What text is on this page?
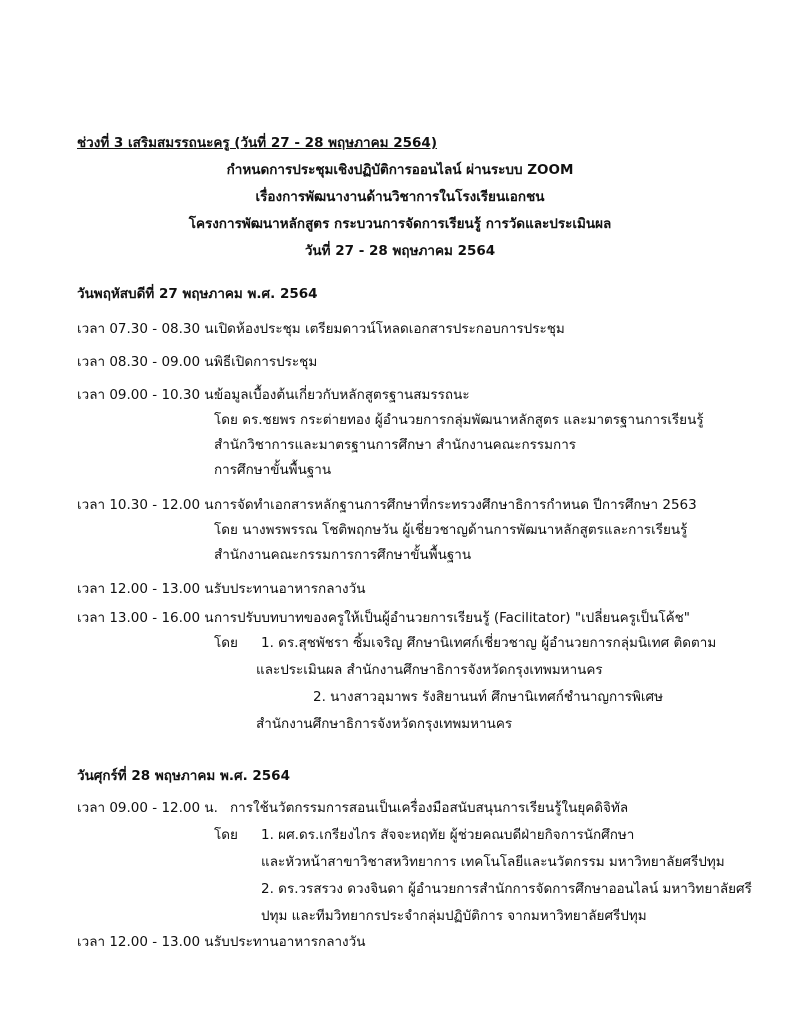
ช่วงที่ 3 เสริมสมรรถนะครู (วันที่ 27 - 28 พฤษภาคม 2564)
กำหนดการประชุมเชิงปฏิบัติการออนไลน์ ผ่านระบบ ZOOM
เรื่องการพัฒนางานด้านวิชาการในโรงเรียนเอกชน
โครงการพัฒนาหลักสูตร กระบวนการจัดการเรียนรู้ การวัดและประเมินผล
วันที่ 27 - 28 พฤษภาคม 2564
วันพฤหัสบดีที่ 27 พฤษภาคม พ.ศ. 2564
เวลา 07.30 - 08.30 น.
เปิดห้องประชุม เตรียมดาวน์โหลดเอกสารประกอบการประชุม
เวลา 08.30 - 09.00 น.
พิธีเปิดการประชุม
เวลา 09.00 - 10.30 น.
ข้อมูลเบื้องต้นเกี่ยวกับหลักสูตรฐานสมรรถนะ
โดย ดร.ชยพร กระต่ายทอง ผู้อำนวยการกลุ่มพัฒนาหลักสูตร และมาตรฐานการเรียนรู้
สำนักวิชาการและมาตรฐานการศึกษา สำนักงานคณะกรรมการ
การศึกษาขั้นพื้นฐาน
เวลา 10.30 - 12.00 น.
การจัดทำเอกสารหลักฐานการศึกษาที่กระทรวงศึกษาธิการกำหนด ปีการศึกษา 2563
โดย นางพรพรรณ โชติพฤกษวัน ผู้เชี่ยวชาญด้านการพัฒนาหลักสูตรและการเรียนรู้
สำนักงานคณะกรรมการการศึกษาขั้นพื้นฐาน
เวลา 12.00 - 13.00 น.
รับประทานอาหารกลางวัน
เวลา 13.00 - 16.00 น.
การปรับบทบาทของครูให้เป็นผู้อำนวยการเรียนรู้ (Facilitator) "เปลี่ยนครูเป็นโค้ช"
โดย 1. ดร.สุชพัชรา ซิ้มเจริญ ศึกษานิเทศก์เชี่ยวชาญ ผู้อำนวยการกลุ่มนิเทศ ติดตาม
และประเมินผล สำนักงานศึกษาธิการจังหวัดกรุงเทพมหานคร
2. นางสาวอุมาพร รังสิยานนท์ ศึกษานิเทศก์ชำนาญการพิเศษ
สำนักงานศึกษาธิการจังหวัดกรุงเทพมหานคร
วันศุกร์ที่ 28 พฤษภาคม พ.ศ. 2564
เวลา 09.00 - 12.00 น. การใช้นวัตกรรมการสอนเป็นเครื่องมือสนับสนุนการเรียนรู้ในยุคดิจิทัล
โดย 1. ผศ.ดร.เกรียงไกร สัจจะหฤทัย ผู้ช่วยคณบดีฝ่ายกิจการนักศึกษา
และหัวหน้าสาขาวิชาสหวิทยาการ เทคโนโลยีและนวัตกรรม มหาวิทยาลัยศรีปทุม
2. ดร.วรสรวง ดวงจินดา ผู้อำนวยการสำนักการจัดการศึกษาออนไลน์ มหาวิทยาลัยศรี
ปทุม และทีมวิทยากรประจำกลุ่มปฏิบัติการ จากมหาวิทยาลัยศรีปทุม
เวลา 12.00 - 13.00 น.
รับประทานอาหารกลางวัน
